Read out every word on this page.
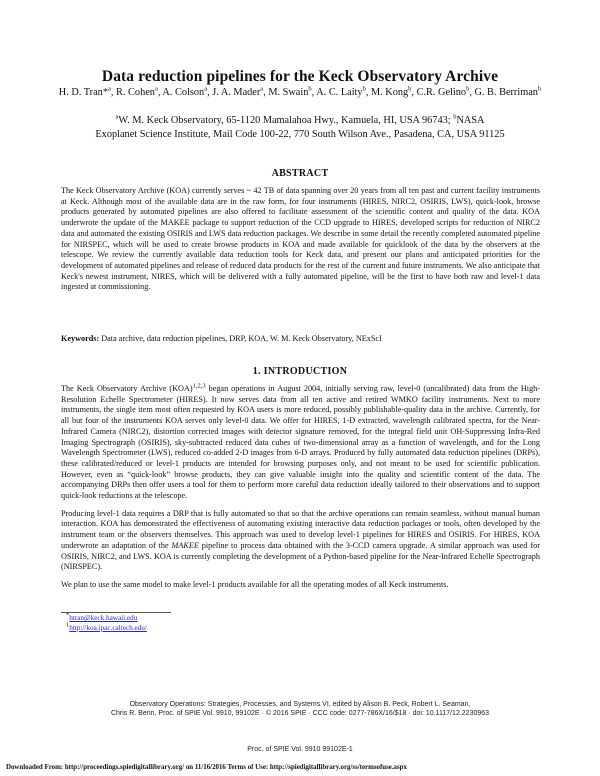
Data reduction pipelines for the Keck Observatory Archive
H. D. Tran*$^a$, R. Cohen$^a$, A. Colson$^a$, J. A. Mader$^a$, M. Swain$^b$, A. C. Laity$^b$, M. Kong$^b$, C.R. Gelino$^b$, G. B. Berriman$^b$

$^a$W. M. Keck Observatory, 65-1120 Mamalahoa Hwy., Kamuela, HI, USA 96743; $^b$NASA

Exoplanet Science Institute, Mail Code 100-22, 770 South Wilson Ave., Pasadena, CA, USA 91125

ABSTRACT

The Keck Observatory Archive (KOA) currently serves ~ 42 TB of data spanning over 20 years from all ten past and current facility instruments at Keck. Although most of the available data are in the raw form, for four instruments (HIRES, NIRC2, OSIRIS, LWS), quick-look, browse products generated by automated pipelines are also offered to facilitate assessment of the scientific content and quality of the data. KOA underwrote the update of the MAKEE package to support reduction of the CCD upgrade to HIRES, developed scripts for reduction of NIRC2 data and automated the existing OSIRIS and LWS data reduction packages. We describe in some detail the recently completed automated pipeline for NIRSPEC, which will be used to create browse products in KOA and made available for quicklook of the data by the observers at the telescope. We review the currently available data reduction tools for Keck data, and present our plans and anticipated priorities for the development of automated pipelines and release of reduced data products for the rest of the current and future instruments. We also anticipate that Keck's newest instrument, NIRES, which will be delivered with a fully automated pipeline, will be the first to have both raw and level-1 data ingested at commissioning.

Keywords: Data archive, data reduction pipelines, DRP, KOA, W. M. Keck Observatory, NExScI
1. INTRODUCTION

The Keck Observatory Archive (KOA)$^{1,2,3}$ began operations in August 2004, initially serving raw, level-0 (uncalibrated) data from the High-Resolution Echelle Spectrometer (HIRES). It now serves data from all ten active and retired WMKO facility instruments. Next to more instruments, the single item most often requested by KOA users is more reduced, possibly publishable-quality data in the archive. Currently, for all but four of the instruments KOA serves only level-0 data. We offer for HIRES, 1-D extracted, wavelength calibrated spectra, for the Near-Infrared Camera (NIRC2), distortion corrected images with detector signature removed, for the integral field unit OH-Suppressing Infra-Red Imaging Spectrograph (OSIRIS), sky-subtracted reduced data cubes of two-dimensional array as a function of wavelength, and for the Long Wavelength Spectrometer (LWS), reduced co-added 2-D images from 6-D arrays. Produced by fully automated data reduction pipelines (DRPs), these calibrated/reduced or level-1 products are intended for browsing purposes only, and not meant to be used for scientific publication. However, even as “quick-look” browse products, they can give valuable insight into the quality and scientific content of the data. The accompanying DRPs then offer users a tool for them to perform more careful data reduction ideally tailored to their observations and to support quick-look reductions at the telescope.

Producing level-1 data requires a DRP that is fully automated so that so that the archive operations can remain seamless, without manual human interaction. KOA has demonstrated the effectiveness of automating existing interactive data reduction packages or tools, often developed by the instrument team or the observers themselves. This approach was used to develop level-1 pipelines for HIRES and OSIRIS. For HIRES, KOA underwrote an adaptation of the MAKEE pipeline to process data obtained with the 3-CCD camera upgrade. A similar approach was used for OSIRIS, NIRC2, and LWS. KOA is currently completing the development of a Python-based pipeline for the Near-Infrared Echelle Spectrograph (NIRSPEC).

We plan to use the same model to make level-1 products available for all the operating modes of all Keck instruments.

*htran@keck.hawaii.edu
$^1$http://koa.ipac.caltech.edu/
Observatory Operations: Strategies, Processes, and Systems VI, edited by Alison B. Peck, Robert L. Seaman,
Chris R. Benn, Proc. of SPIE Vol. 9910, 99102E · © 2016 SPIE · CCC code: 0277-786X/16/$18 · doi: 10.1117/12.2230963
Proc. of SPIE Vol. 9910 99102E-1
Downloaded From: http://proceedings.spiedigitallibrary.org/ on 11/16/2016 Terms of Use: http://spiedigitallibrary.org/ss/termsofuse.aspx
